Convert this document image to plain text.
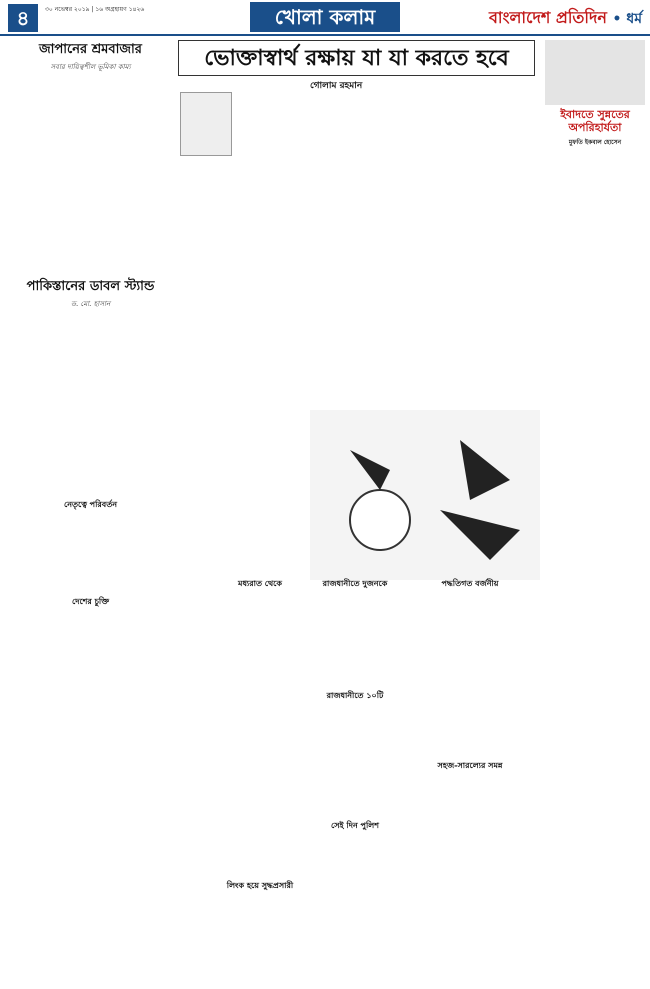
৪	৩০ নভেম্বর ২০১৯ | ১৬ অগ্রহায়ণ ১৪২৬	খোলা কলাম	বাংলাদেশ প্রতিদিন • ধর্ম
জাপানের শ্রমবাজার
সবার দায়িত্বশীল ভূমিকা কাম্য
পাকিস্তানের ডাবল স্ট্যান্ড
ড. মো. হাসান
নেতৃত্বে পরিবর্তন
দেশের চুক্তি
ভোক্তাস্বার্থ রক্ষায় যা যা করতে হবে
গোলাম রহমান
ইবাদতে সুন্নতের অপরিহার্যতা
মুফতি ইকবাল হোসেন
মধ্যরাত থেকে	রাজধানীতে দুজনকে	পদ্ধতিগত বর্জনীয়
রাজধানীতে ১০টি
সেই দিন পুলিশ
লিংক হয়ে সুদ্ধপ্রসারী
সহজ-সারল্যের সমন্ন
